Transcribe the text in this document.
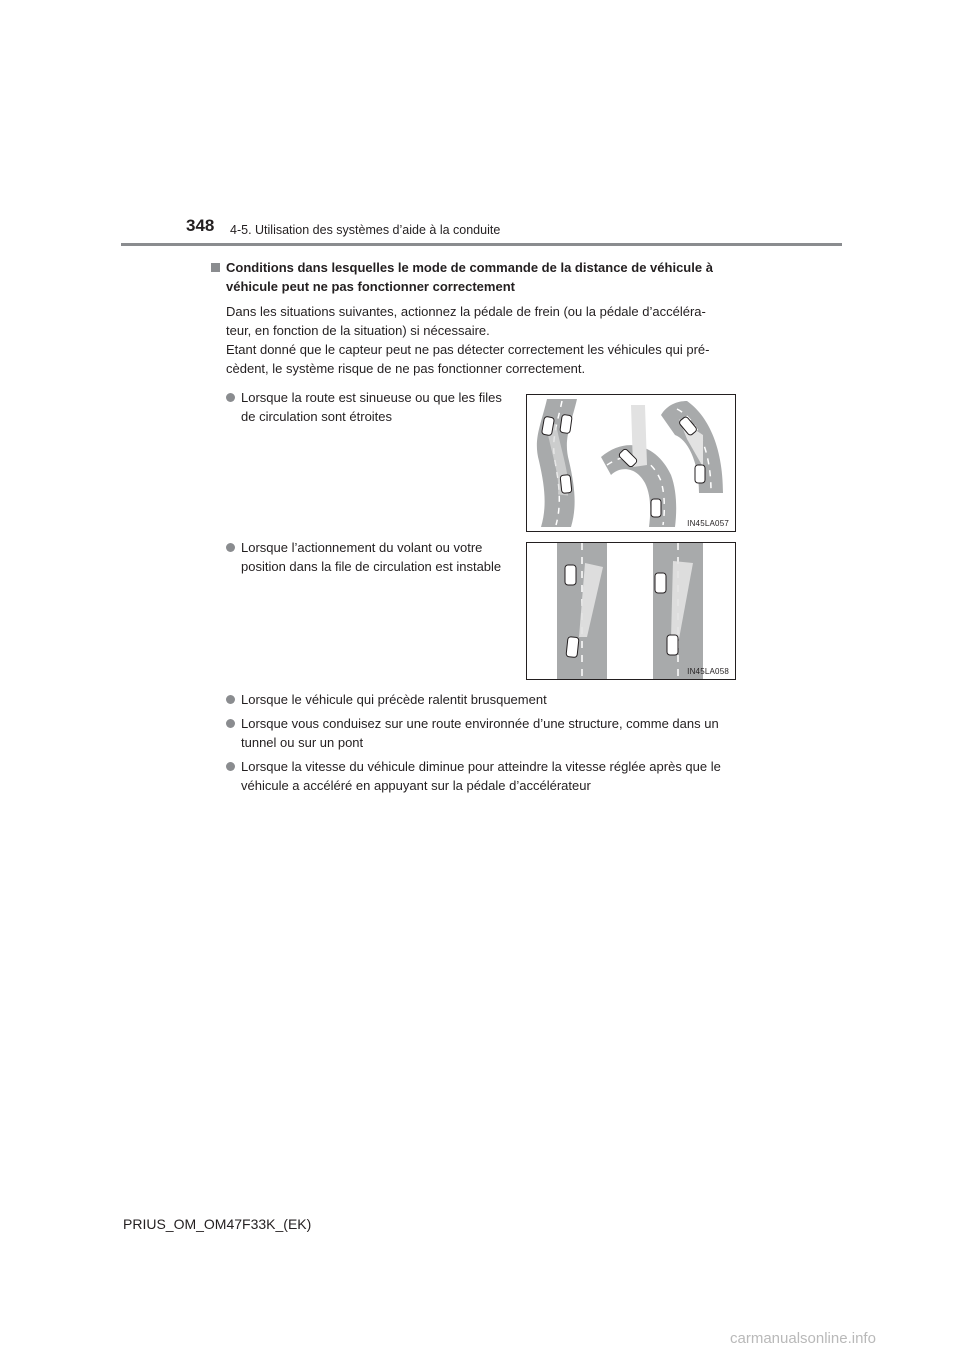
348 4-5. Utilisation des systèmes d’aide à la conduite
Conditions dans lesquelles le mode de commande de la distance de véhicule à
véhicule peut ne pas fonctionner correctement
Dans les situations suivantes, actionnez la pédale de frein (ou la pédale d’accéléra-
teur, en fonction de la situation) si nécessaire.
Etant donné que le capteur peut ne pas détecter correctement les véhicules qui pré-
cèdent, le système risque de ne pas fonctionner correctement.
Lorsque la route est sinueuse ou que les files
de circulation sont étroites
IN45LA057
Lorsque l’actionnement du volant ou votre
position dans la file de circulation est instable
IN45LA058
Lorsque le véhicule qui précède ralentit brusquement
Lorsque vous conduisez sur une route environnée d’une structure, comme dans un
tunnel ou sur un pont
Lorsque la vitesse du véhicule diminue pour atteindre la vitesse réglée après que le
véhicule a accéléré en appuyant sur la pédale d’accélérateur
PRIUS_OM_OM47F33K_(EK)
carmanualsonline.info
